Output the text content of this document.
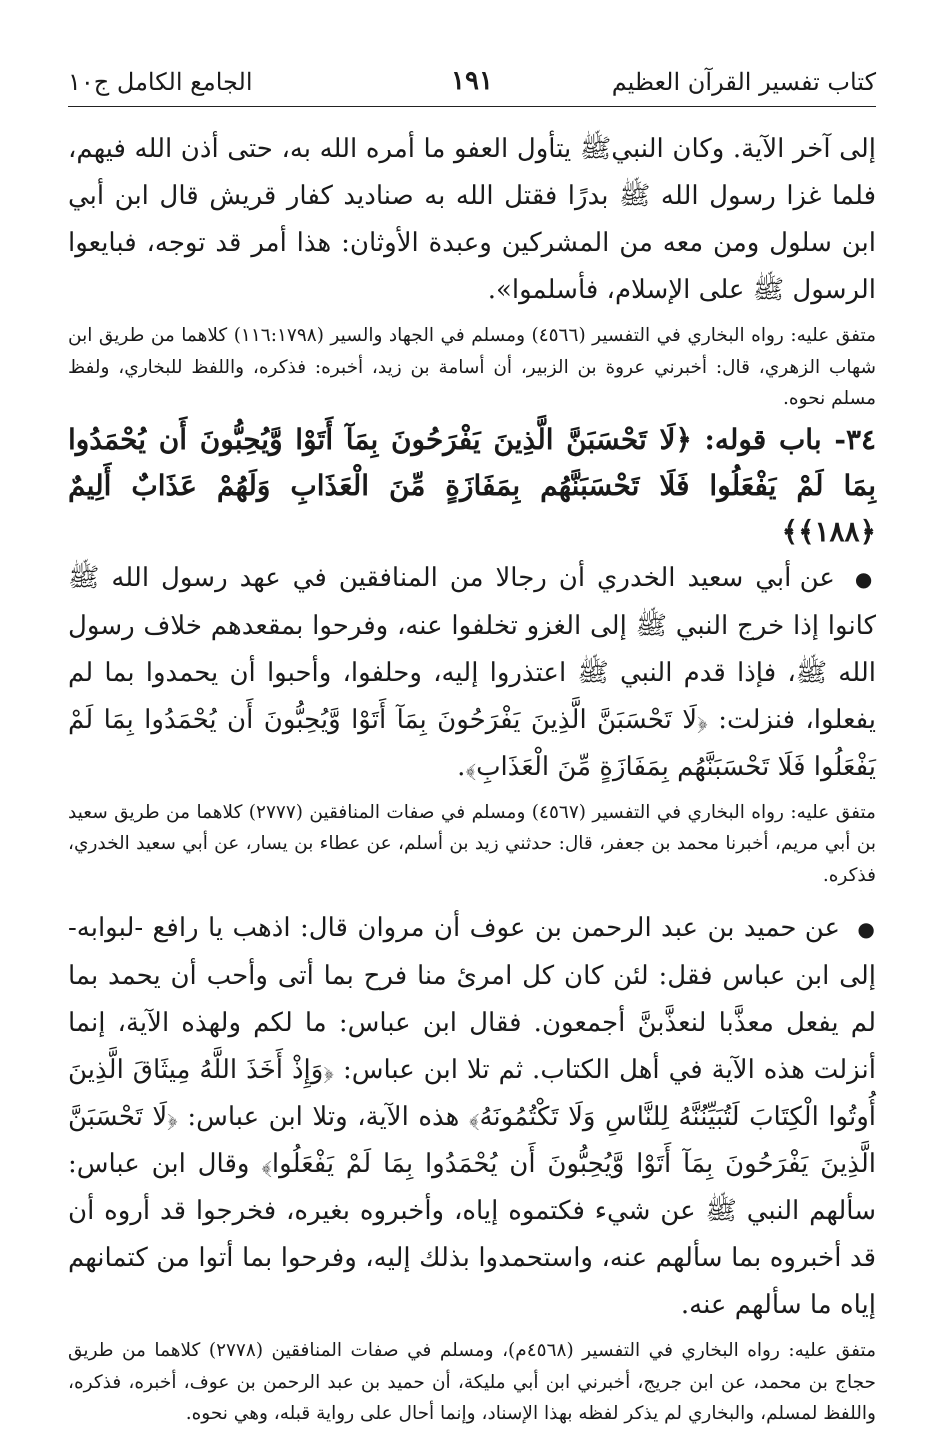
كتاب تفسير القرآن العظيم
١٩١
الجامع الكامل ج١٠

إلى آخر الآية. وكان النبيﷺ يتأول العفو ما أمره الله به، حتى أذن الله فيهم، فلما غزا رسول الله ﷺ بدرًا فقتل الله به صناديد كفار قريش قال ابن أبي ابن سلول ومن معه من المشركين وعبدة الأوثان: هذا أمر قد توجه، فبايعوا الرسول ﷺ على الإسلام، فأسلموا».

متفق عليه: رواه البخاري في التفسير (٤٥٦٦) ومسلم في الجهاد والسير (١١٦:١٧٩٨) كلاهما من طريق ابن شهاب الزهري، قال: أخبرني عروة بن الزبير، أن أسامة بن زيد، أخبره: فذكره، واللفظ للبخاري، ولفظ مسلم نحوه.

٣٤- باب قوله: ﴿لَا تَحْسَبَنَّ الَّذِينَ يَفْرَحُونَ بِمَآ أَتَوْا وَّيُحِبُّونَ أَن يُحْمَدُوا بِمَا لَمْ يَفْعَلُوا فَلَا تَحْسَبَنَّهُم بِمَفَازَةٍ مِّنَ الْعَذَابِ وَلَهُمْ عَذَابٌ أَلِيمٌ ﴿١٨٨﴾﴾

● عن أبي سعيد الخدري أن رجالا من المنافقين في عهد رسول الله ﷺ كانوا إذا خرج النبي ﷺ إلى الغزو تخلفوا عنه، وفرحوا بمقعدهم خلاف رسول الله ﷺ، فإذا قدم النبي ﷺ اعتذروا إليه، وحلفوا، وأحبوا أن يحمدوا بما لم يفعلوا، فنزلت: ﴿لَا تَحْسَبَنَّ الَّذِينَ يَفْرَحُونَ بِمَآ أَتَوْا وَّيُحِبُّونَ أَن يُحْمَدُوا بِمَا لَمْ يَفْعَلُوا فَلَا تَحْسَبَنَّهُم بِمَفَازَةٍ مِّنَ الْعَذَابِ﴾.

متفق عليه: رواه البخاري في التفسير (٤٥٦٧) ومسلم في صفات المنافقين (٢٧٧٧) كلاهما من طريق سعيد بن أبي مريم، أخبرنا محمد بن جعفر، قال: حدثني زيد بن أسلم، عن عطاء بن يسار، عن أبي سعيد الخدري، فذكره.

● عن حميد بن عبد الرحمن بن عوف أن مروان قال: اذهب يا رافع -لبوابه- إلى ابن عباس فقل: لئن كان كل امرئ منا فرح بما أتى وأحب أن يحمد بما لم يفعل معذَّبا لنعذَّبنَّ أجمعون. فقال ابن عباس: ما لكم ولهذه الآية، إنما أنزلت هذه الآية في أهل الكتاب. ثم تلا ابن عباس: ﴿وَإِذْ أَخَذَ اللَّهُ مِيثَاقَ الَّذِينَ أُوتُوا الْكِتَابَ لَتُبَيِّنُنَّهُ لِلنَّاسِ وَلَا تَكْتُمُونَهُ﴾ هذه الآية، وتلا ابن عباس: ﴿لَا تَحْسَبَنَّ الَّذِينَ يَفْرَحُونَ بِمَآ أَتَوْا وَّيُحِبُّونَ أَن يُحْمَدُوا بِمَا لَمْ يَفْعَلُوا﴾ وقال ابن عباس: سألهم النبي ﷺ عن شيء فكتموه إياه، وأخبروه بغيره، فخرجوا قد أروه أن قد أخبروه بما سألهم عنه، واستحمدوا بذلك إليه، وفرحوا بما أتوا من كتمانهم إياه ما سألهم عنه.

متفق عليه: رواه البخاري في التفسير (٤٥٦٨م)، ومسلم في صفات المنافقين (٢٧٧٨) كلاهما من طريق حجاج بن محمد، عن ابن جريج، أخبرني ابن أبي مليكة، أن حميد بن عبد الرحمن بن عوف، أخبره، فذكره، واللفظ لمسلم، والبخاري لم يذكر لفظه بهذا الإسناد، وإنما أحال على رواية قبله، وهي نحوه.
